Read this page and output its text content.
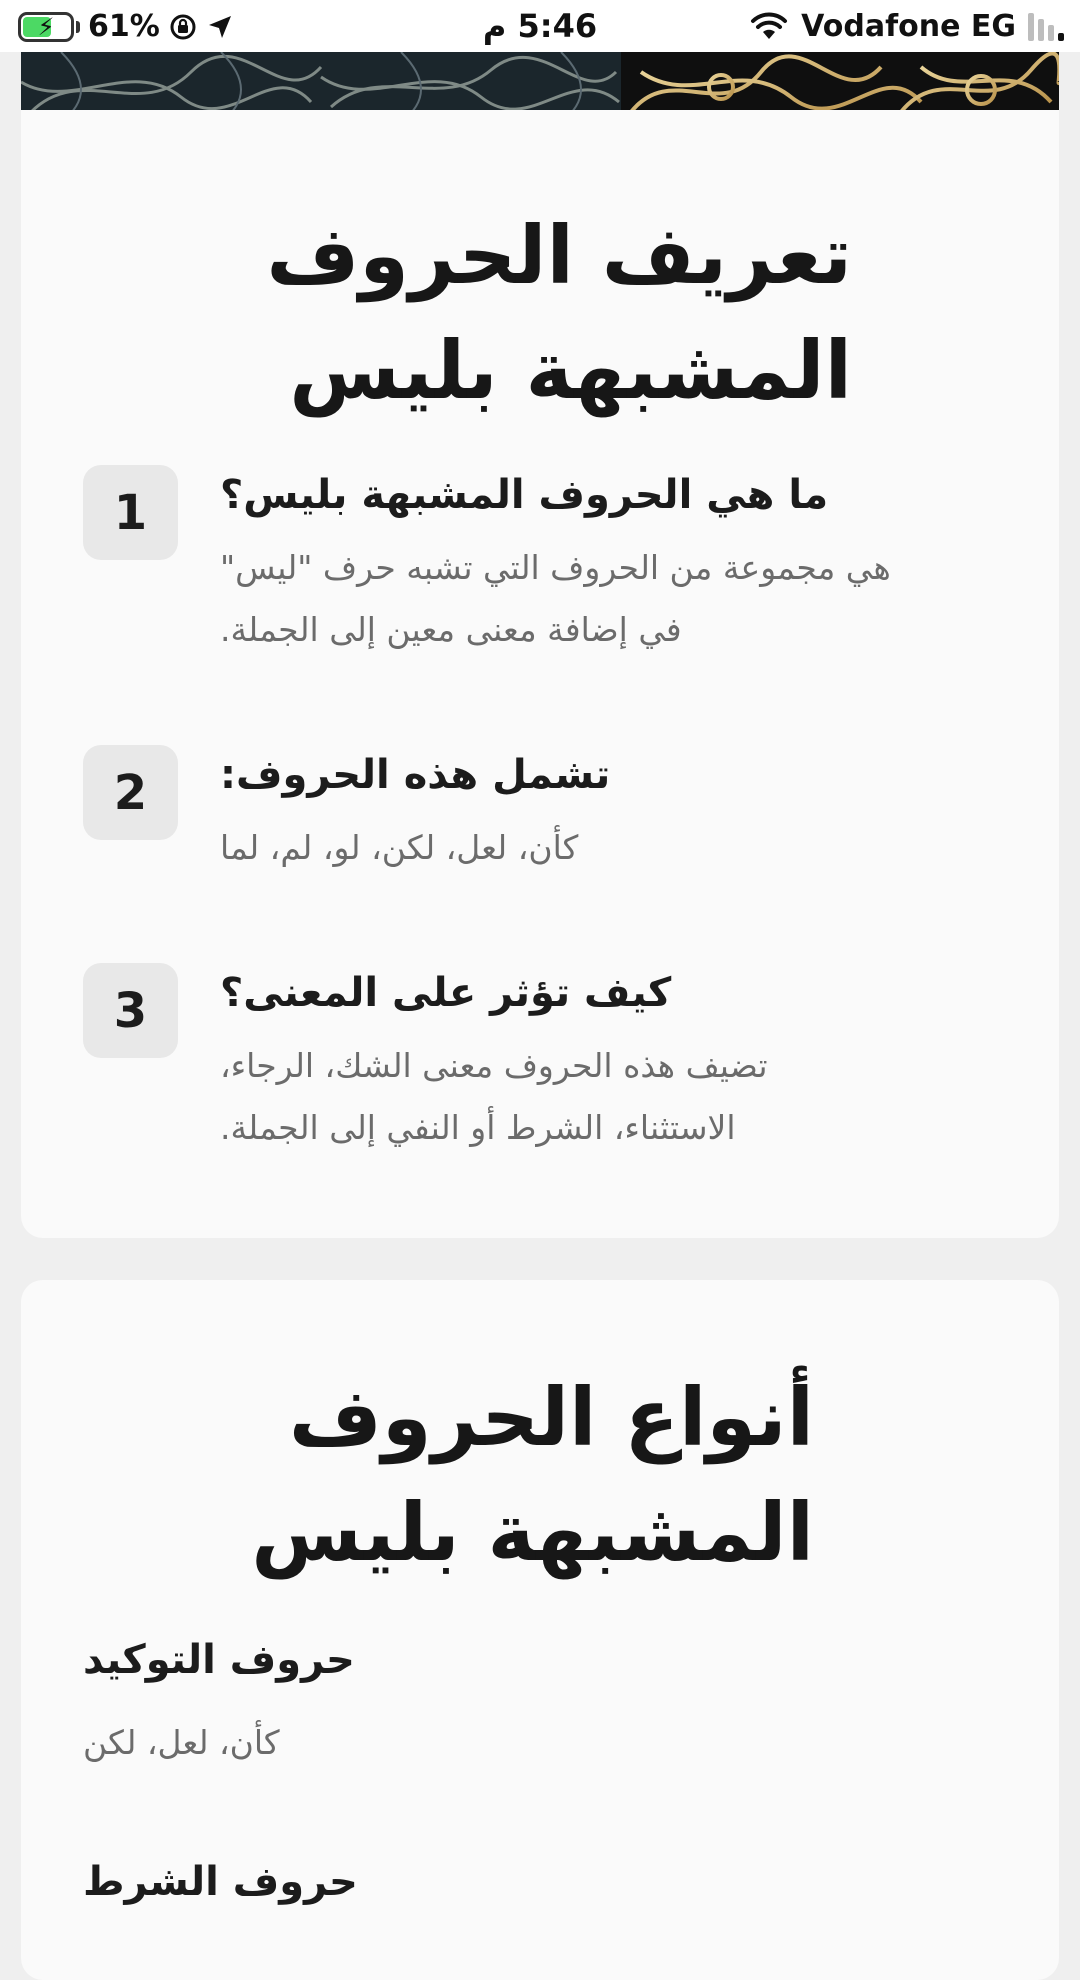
⚡	61%	5:46 م	Vodafone EG
تعريف الحروف المشبهة بليس
1	ما هي الحروف المشبهة بليس؟

هي مجموعة من الحروف التي تشبه حرف "ليس" في إضافة معنى معين إلى الجملة.

2	تشمل هذه الحروف:

كأن، لعل، لكن، لو، لم، لما

3	كيف تؤثر على المعنى؟

تضيف هذه الحروف معنى الشك، الرجاء، الاستثناء، الشرط أو النفي إلى الجملة.

أنواع الحروف المشبهة بليس

حروف التوكيد

كأن، لعل، لكن

حروف الشرط
